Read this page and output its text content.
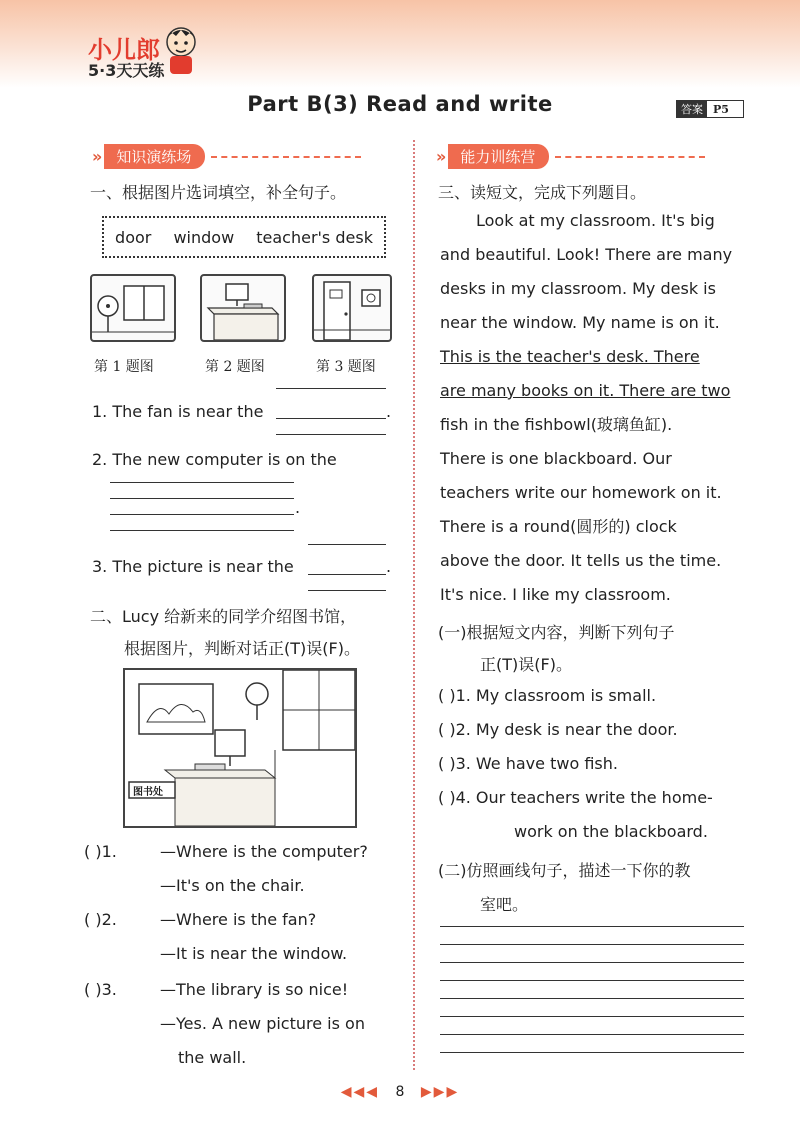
小儿郎
5·3天天练
Part B(3) Read and write	答案 P5
» 知识演练场
一、根据图片选词填空，补全句子。
door window teacher's desk
第 1 题图	第 2 题图	第 3 题图
1. The fan is near the	.
2. The new computer is on the
.
3. The picture is near the	.
二、Lucy 给新来的同学介绍图书馆，
根据图片，判断对话正(T)误(F)。
图书处
( )1.	—Where is the computer?
—It's on the chair.
( )2.	—Where is the fan?
—It is near the window.
( )3.	—The library is so nice!
—Yes. A new picture is on
the wall.
» 能力训练营
三、读短文，完成下列题目。
Look at my classroom. It's big
and beautiful. Look! There are many
desks in my classroom. My desk is
near the window. My name is on it.
This is the teacher's desk. There
are many books on it. There are two
fish in the fishbowl(玻璃鱼缸).
There is one blackboard. Our
teachers write our homework on it.
There is a round(圆形的) clock
above the door. It tells us the time.
It's nice. I like my classroom.
(一)根据短文内容，判断下列句子
正(T)误(F)。
( )1. My classroom is small.
( )2. My desk is near the door.
( )3. We have two fish.
( )4. Our teachers write the home-
work on the blackboard.
(二)仿照画线句子，描述一下你的教
室吧。
◀◀◀ 8 ▶▶▶
